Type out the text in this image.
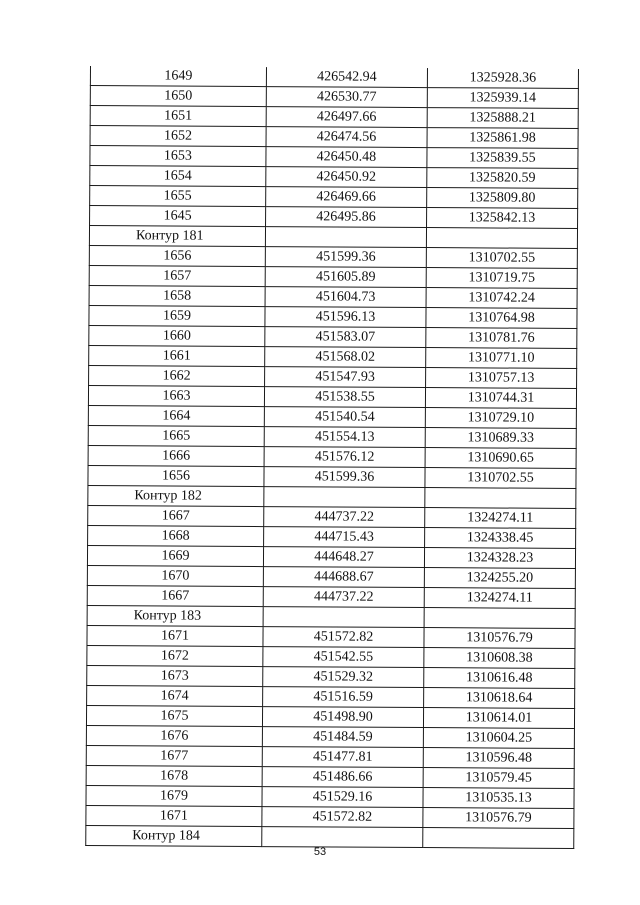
1649	426542.94	1325928.36
1650	426530.77	1325939.14
1651	426497.66	1325888.21
1652	426474.56	1325861.98
1653	426450.48	1325839.55
1654	426450.92	1325820.59
1655	426469.66	1325809.80
1645	426495.86	1325842.13
Контур 181		
1656	451599.36	1310702.55
1657	451605.89	1310719.75
1658	451604.73	1310742.24
1659	451596.13	1310764.98
1660	451583.07	1310781.76
1661	451568.02	1310771.10
1662	451547.93	1310757.13
1663	451538.55	1310744.31
1664	451540.54	1310729.10
1665	451554.13	1310689.33
1666	451576.12	1310690.65
1656	451599.36	1310702.55
Контур 182		
1667	444737.22	1324274.11
1668	444715.43	1324338.45
1669	444648.27	1324328.23
1670	444688.67	1324255.20
1667	444737.22	1324274.11
Контур 183		
1671	451572.82	1310576.79
1672	451542.55	1310608.38
1673	451529.32	1310616.48
1674	451516.59	1310618.64
1675	451498.90	1310614.01
1676	451484.59	1310604.25
1677	451477.81	1310596.48
1678	451486.66	1310579.45
1679	451529.16	1310535.13
1671	451572.82	1310576.79
Контур 184		
53
